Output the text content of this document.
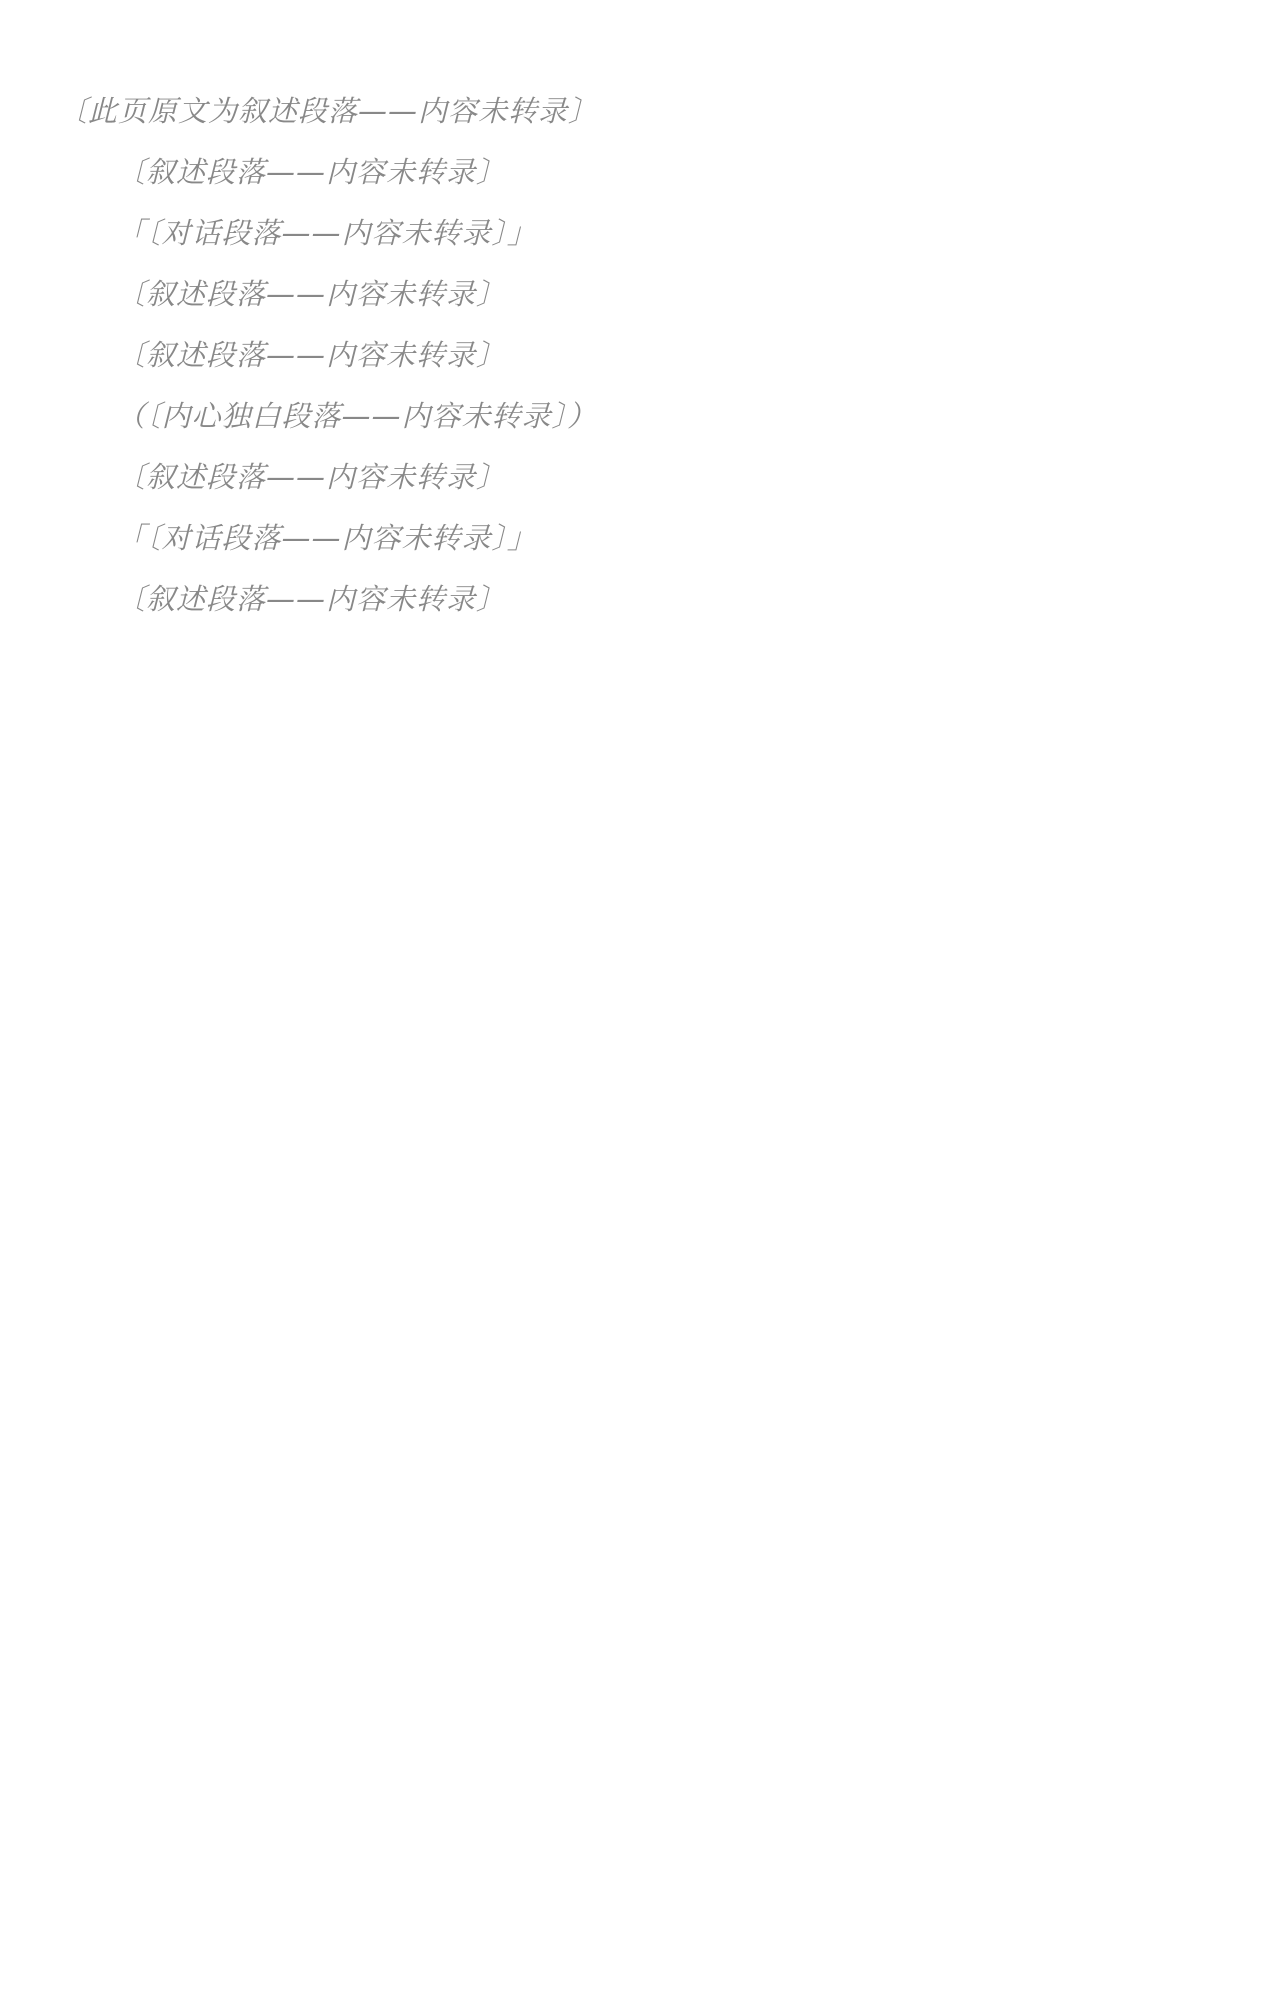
〔此页原文为叙述段落——内容未转录〕

〔叙述段落——内容未转录〕

「〔对话段落——内容未转录〕」

〔叙述段落——内容未转录〕

〔叙述段落——内容未转录〕

（〔内心独白段落——内容未转录〕）

〔叙述段落——内容未转录〕

「〔对话段落——内容未转录〕」

〔叙述段落——内容未转录〕
